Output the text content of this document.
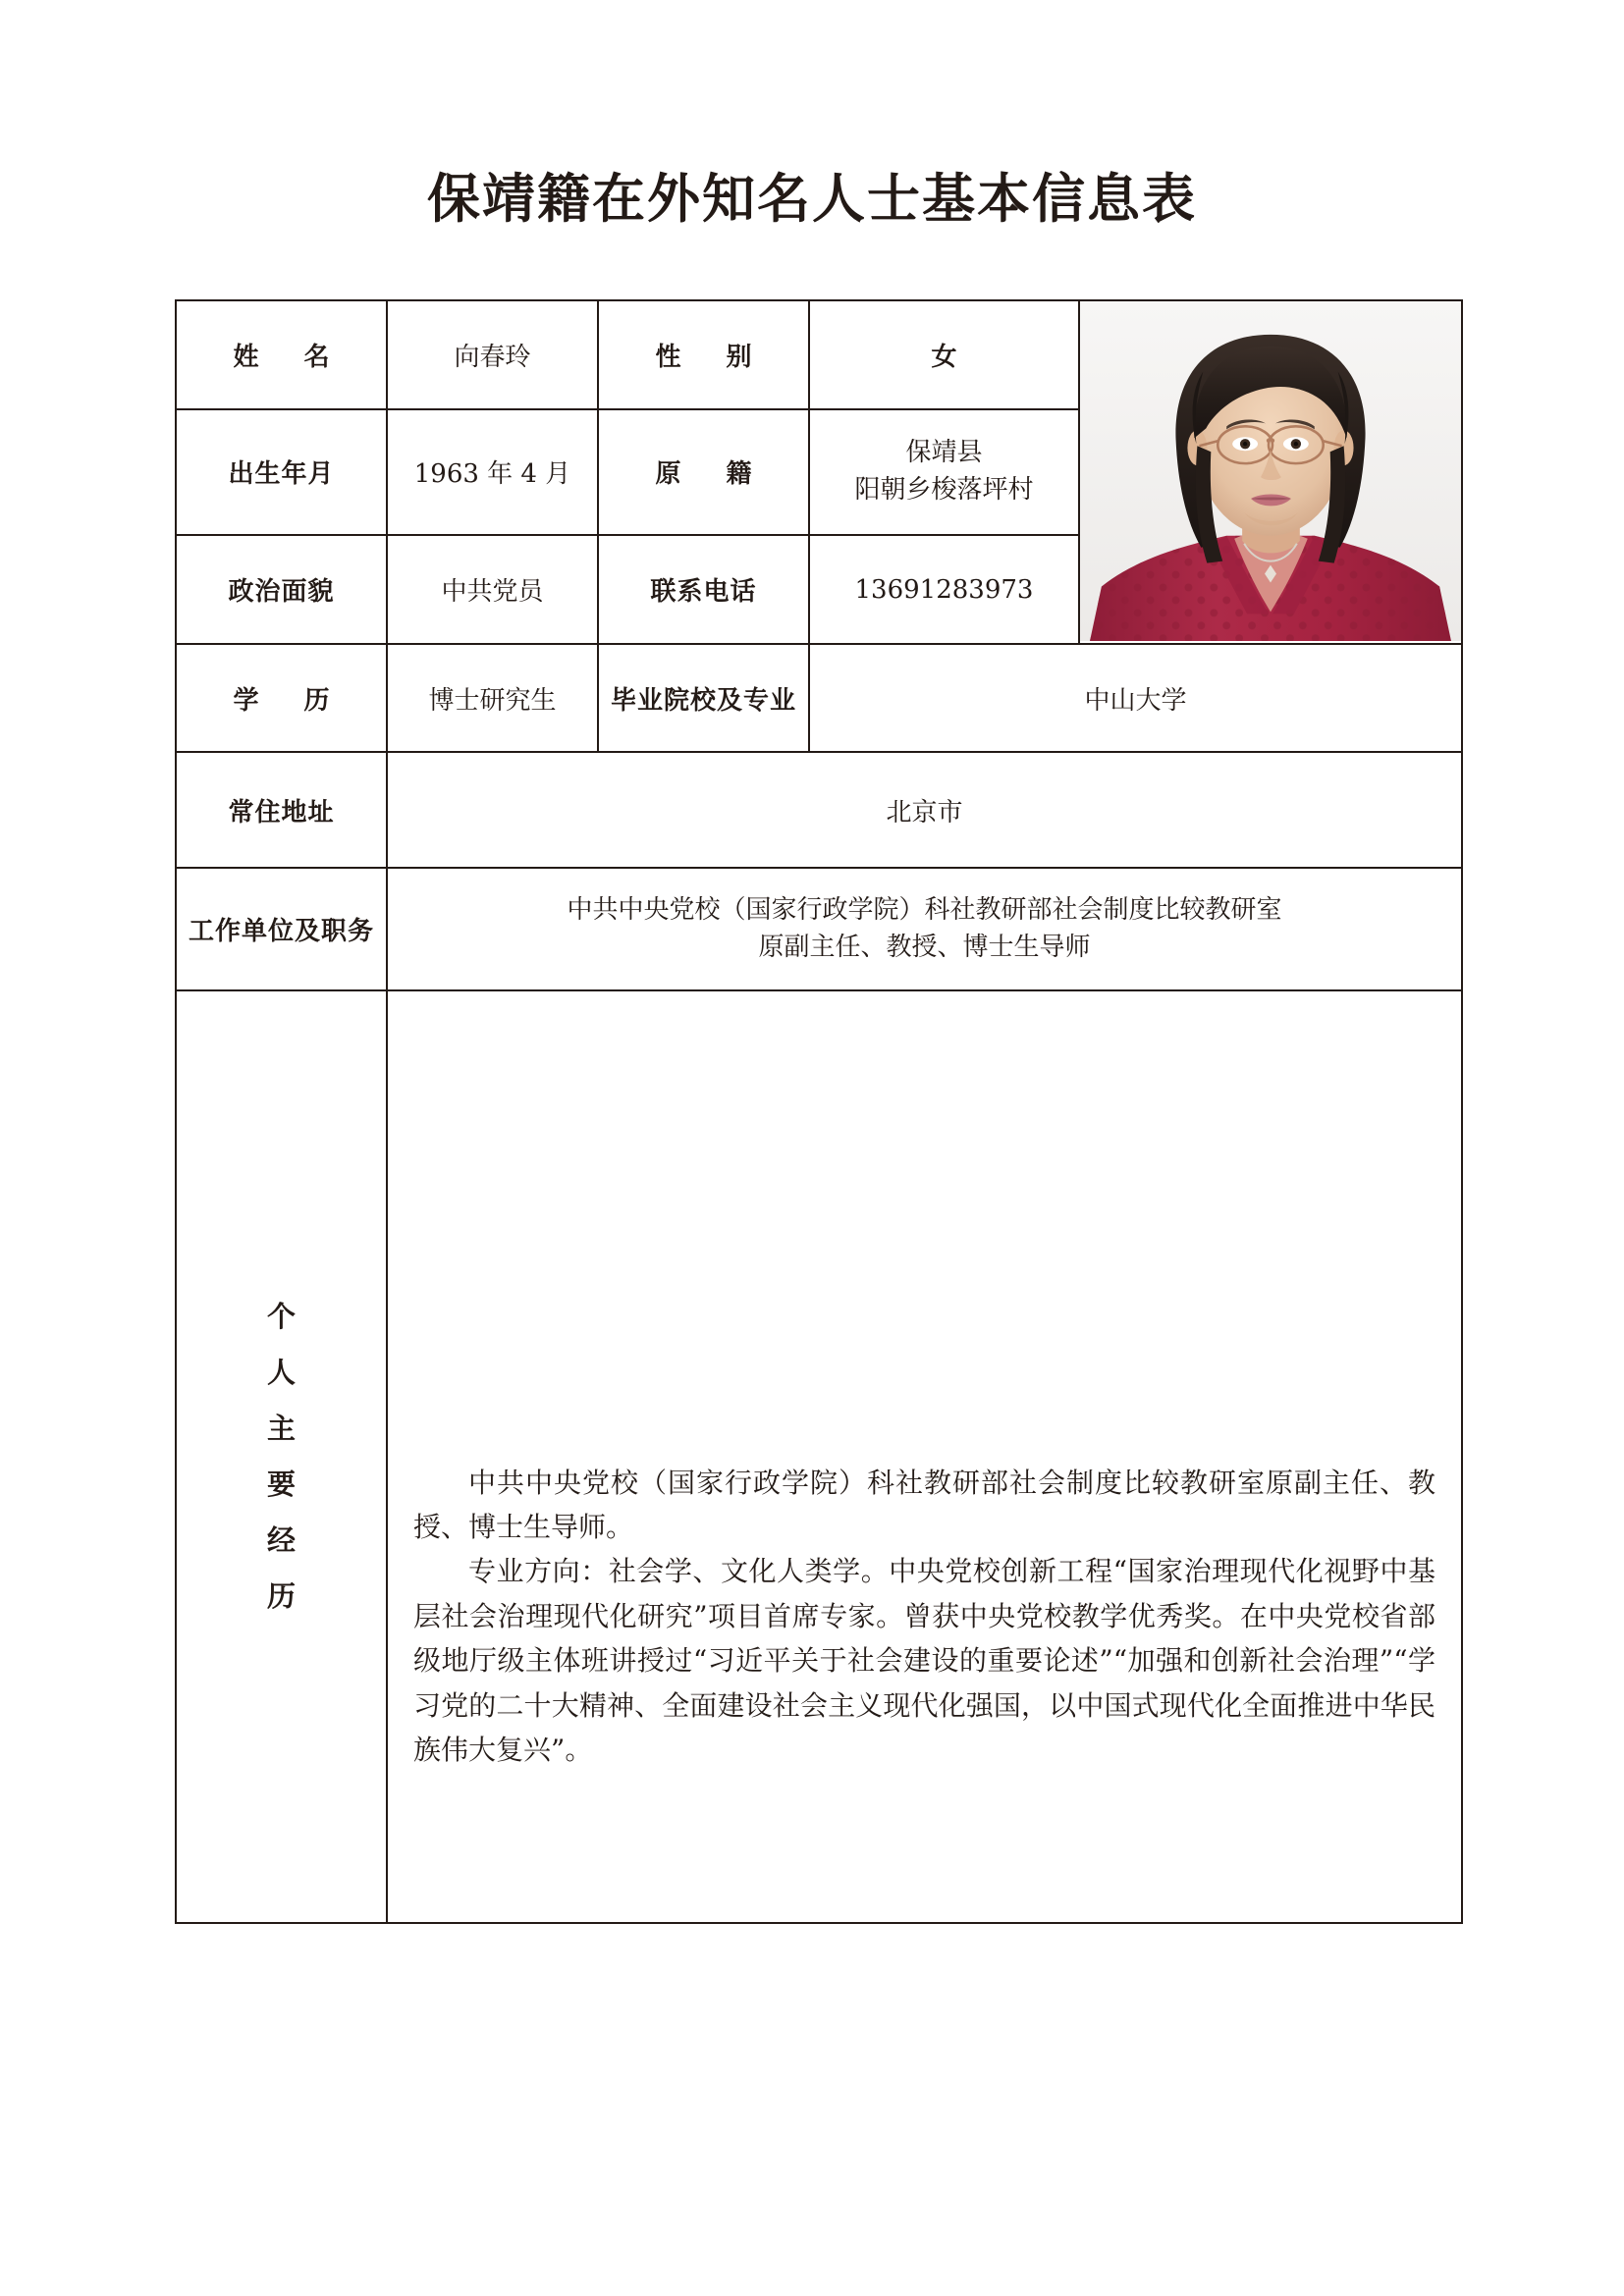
保靖籍在外知名人士基本信息表
姓　名	向春玲	性　别	女	

出生年月	1963 年 4 月	原　籍	保靖县
阳朝乡梭落坪村	

政治面貌	中共党员	联系电话	13691283973	
学　历	博士研究生	毕业院校及专业	中山大学	
常住地址	北京市			
工作单位及职务	中共中央党校（国家行政学院）科社教研部社会制度比较教研室
原副主任、教授、博士生导师			

个
人
主
要
经
历

中共中央党校（国家行政学院）科社教研部社会制度比较教研室原副主任、教授、博士生导师。

专业方向：社会学、文化人类学。中央党校创新工程“国家治理现代化视野中基层社会治理现代化研究”项目首席专家。曾获中央党校教学优秀奖。在中央党校省部级地厅级主体班讲授过“习近平关于社会建设的重要论述”“加强和创新社会治理”“学习党的二十大精神、全面建设社会主义现代化强国，以中国式现代化全面推进中华民族伟大复兴”。
